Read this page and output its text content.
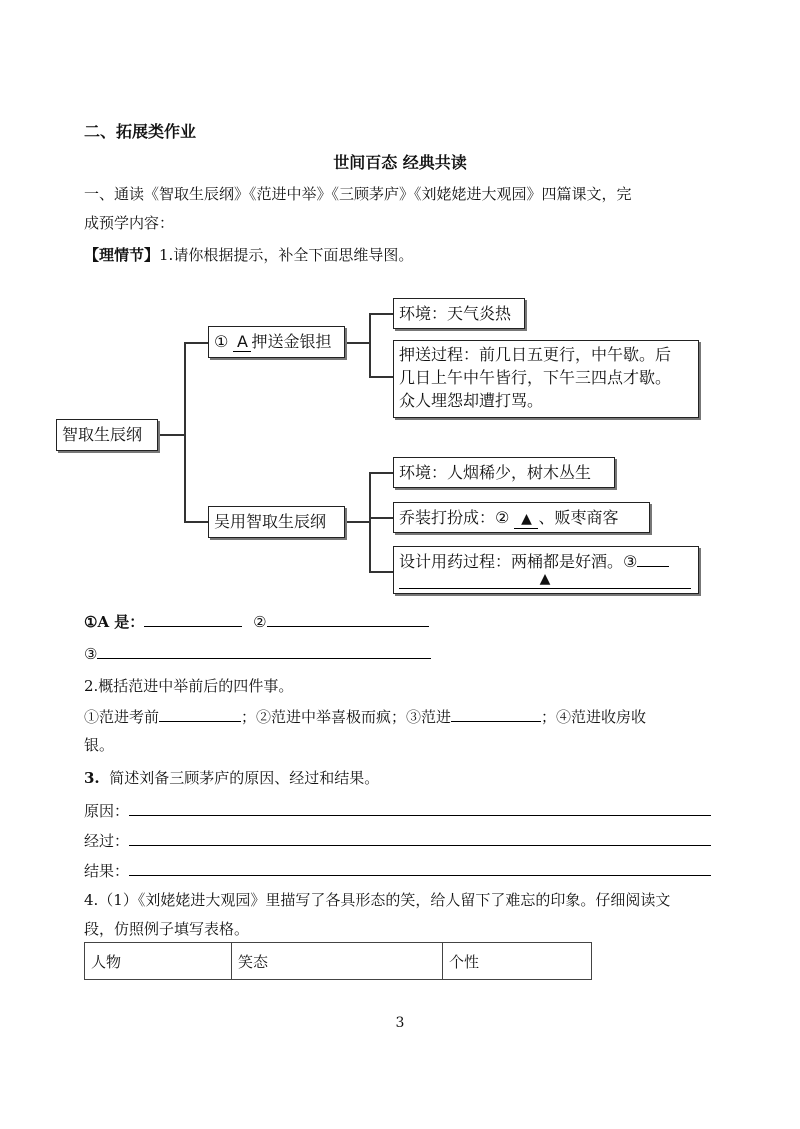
二、拓展类作业
世间百态 经典共读
一、通读《智取生辰纲》《范进中举》《三顾茅庐》《刘姥姥进大观园》四篇课文，完
成预学内容：
【理情节】1.请你根据提示，补全下面思维导图。
智取生辰纲
① A 押送金银担
环境：天气炎热
押送过程：前几日五更行，中午歇。后
几日上午中午皆行，下午三四点才歇。
众人埋怨却遭打骂。
吴用智取生辰纲
环境：人烟稀少，树木丛生
乔装打扮成：② ▲ 、贩枣商客
设计用药过程：两桶都是好酒。③
▲
①A 是：	②
③
2.概括范进中举前后的四件事。
①范进考前	；②范进中举喜极而疯；③范进	；④范进收房收
银。
3. 简述刘备三顾茅庐的原因、经过和结果。
原因：
经过：
结果：
4.（1）《刘姥姥进大观园》里描写了各具形态的笑，给人留下了难忘的印象。仔细阅读文
段，仿照例子填写表格。
人物	笑态	个性
3
